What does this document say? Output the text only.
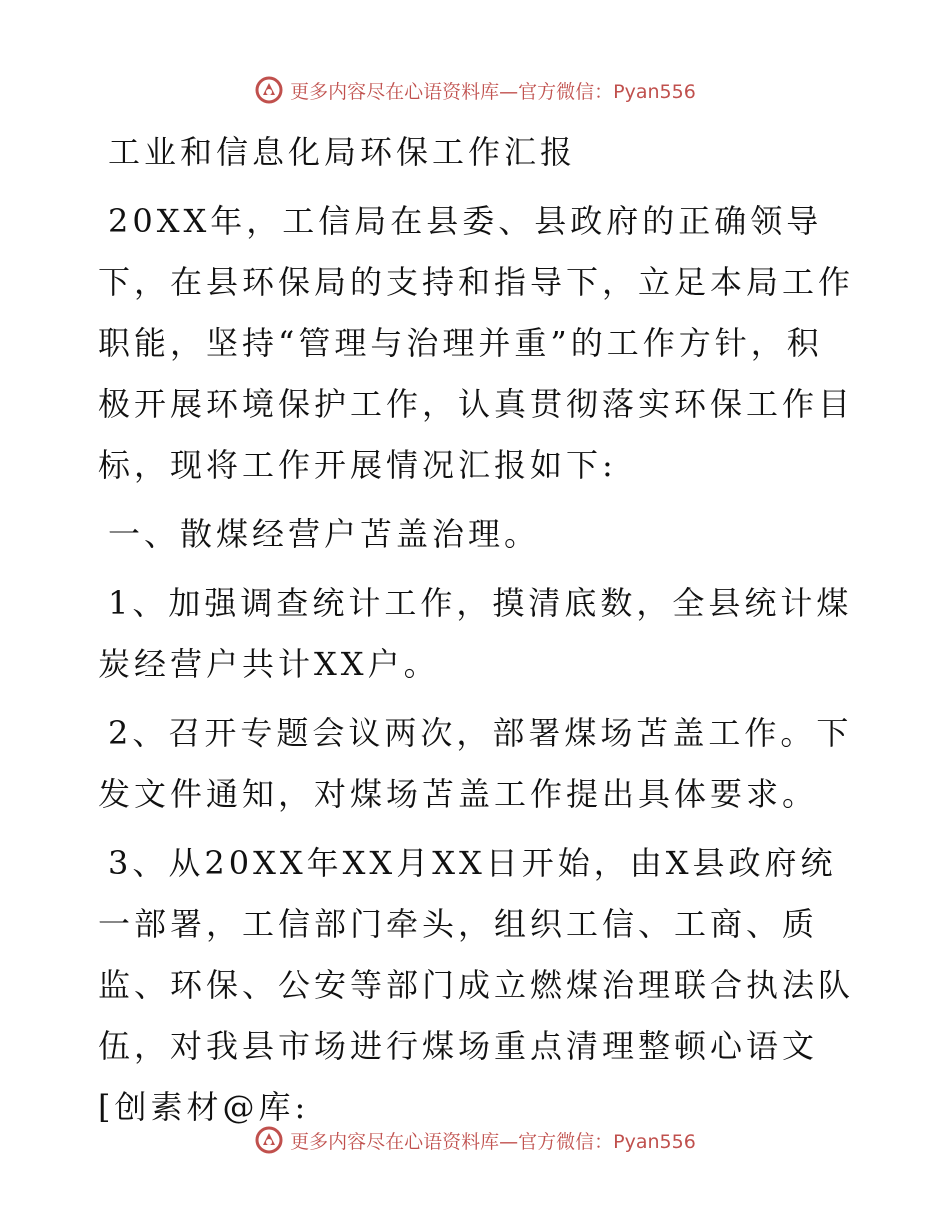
更多内容尽在心语资料库—官方微信：Pyan556

工业和信息化局环保工作汇报

20XX年，工信局在县委、县政府的正确领导下，在县环保局的支持和指导下，立足本局工作职能，坚持“管理与治理并重”的工作方针，积极开展环境保护工作，认真贯彻落实环保工作目标，现将工作开展情况汇报如下:

一、散煤经营户苫盖治理。

1、加强调查统计工作，摸清底数，全县统计煤炭经营户共计XX户。

2、召开专题会议两次，部署煤场苫盖工作。下发文件通知，对煤场苫盖工作提出具体要求。

3、从20XX年XX月XX日开始，由X县政府统一部署，工信部门牵头，组织工信、工商、质监、环保、公安等部门成立燃煤治理联合执法队伍，对我县市场进行煤场重点清理整顿心语文[创素材@库:

更多内容尽在心语资料库—官方微信：Pyan556
